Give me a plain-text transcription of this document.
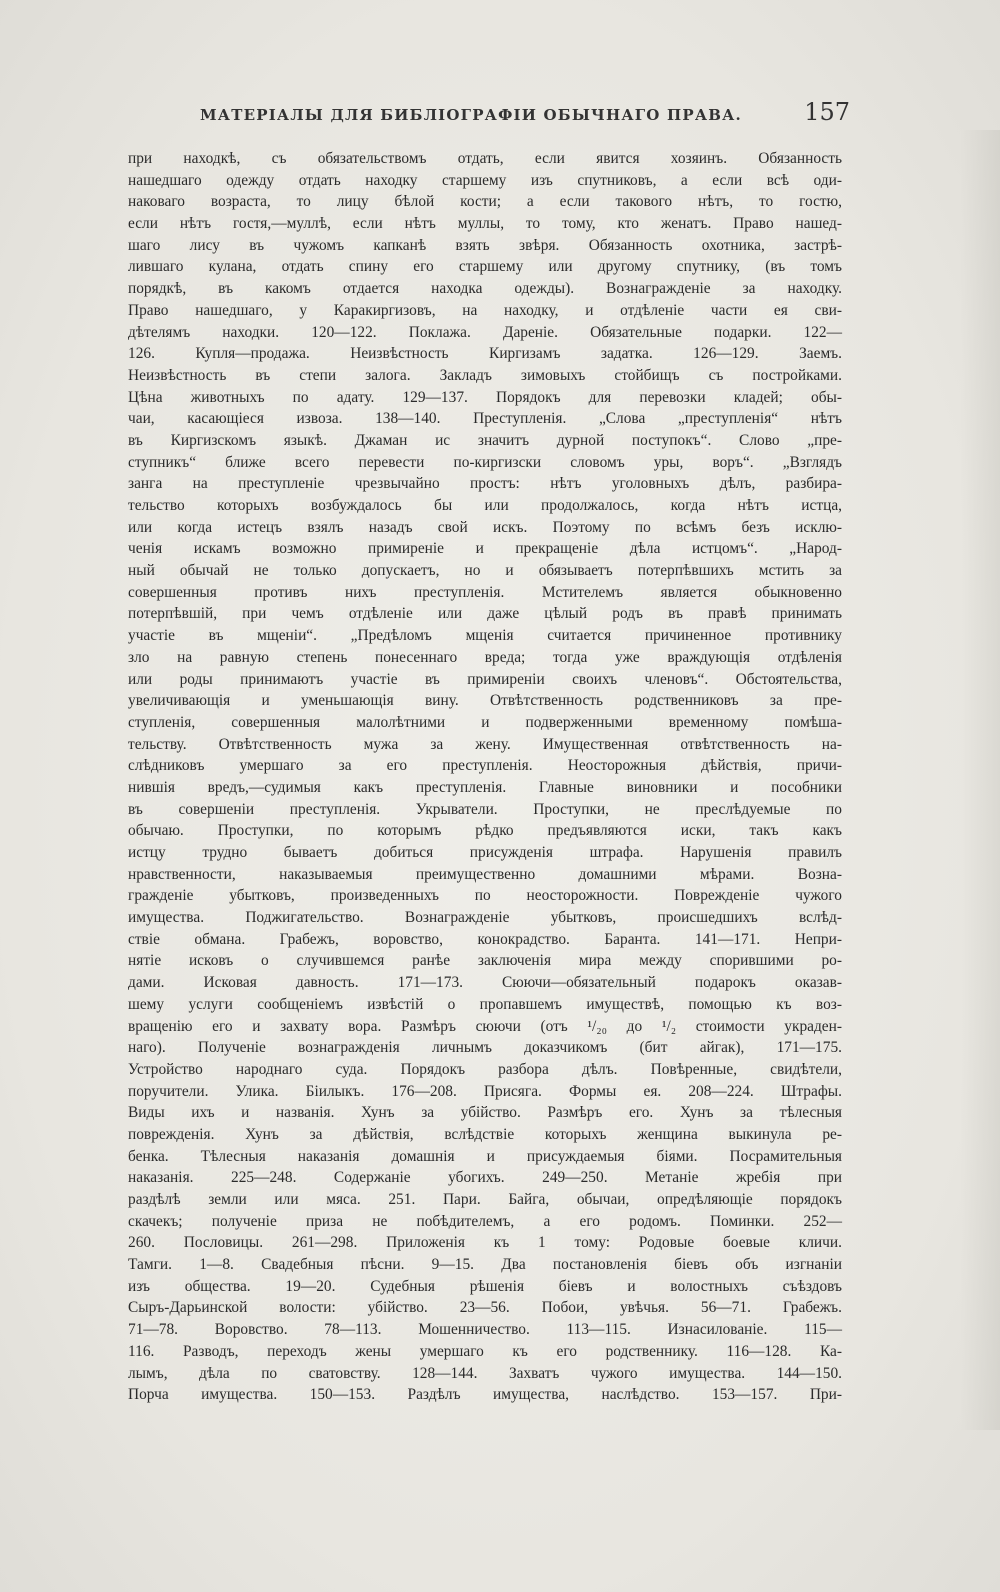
МАТЕРІАЛЫ ДЛЯ БИБЛІОГРАФІИ ОБЫЧНАГО ПРАВА.	157
при находкѣ, съ обязательствомъ отдать, если явится хозяинъ. Обязанность
нашедшаго одежду отдать находку старшему изъ спутниковъ, а если всѣ оди-
наковаго возраста, то лицу бѣлой кости; а если такового нѣтъ, то гостю,
если нѣтъ гостя,—муллѣ, если нѣтъ муллы, то тому, кто женатъ. Право нашед-
шаго лису въ чужомъ капканѣ взять звѣря. Обязанность охотника, застрѣ-
лившаго кулана, отдать спину его старшему или другому спутнику, (въ томъ
порядкѣ, въ какомъ отдается находка одежды). Вознагражденіе за находку.
Право нашедшаго, у Каракиргизовъ, на находку, и отдѣленіе части ея сви-
дѣтелямъ находки. 120—122. Поклажа. Дареніе. Обязательные подарки. 122—
126. Купля—продажа. Неизвѣстность Киргизамъ задатка. 126—129. Заемъ.
Неизвѣстность въ степи залога. Закладъ зимовыхъ стойбищъ съ постройками.
Цѣна животныхъ по адату. 129—137. Порядокъ для перевозки кладей; обы-
чаи, касающіеся извоза. 138—140. Преступленія. „Слова „преступленія“ нѣтъ
въ Киргизскомъ языкѣ. Джаман ис значитъ дурной поступокъ“. Слово „пре-
ступникъ“ ближе всего перевести по-киргизски словомъ уры, воръ“. „Взглядъ
занга на преступленіе чрезвычайно простъ: нѣтъ уголовныхъ дѣлъ, разбира-
тельство которыхъ возбуждалось бы или продолжалось, когда нѣтъ истца,
или когда истецъ взялъ назадъ свой искъ. Поэтому по всѣмъ безъ исклю-
ченія искамъ возможно примиреніе и прекращеніе дѣла истцомъ“. „Народ-
ный обычай не только допускаетъ, но и обязываетъ потерпѣвшихъ мстить за
совершенныя противъ нихъ преступленія. Мстителемъ является обыкновенно
потерпѣвшій, при чемъ отдѣленіе или даже цѣлый родъ въ правѣ принимать
участіе въ мщеніи“. „Предѣломъ мщенія считается причиненное противнику
зло на равную степень понесеннаго вреда; тогда уже враждующія отдѣленія
или роды принимаютъ участіе въ примиреніи своихъ членовъ“. Обстоятельства,
увеличивающія и уменьшающія вину. Отвѣтственность родственниковъ за пре-
ступленія, совершенныя малолѣтними и подверженными временному помѣша-
тельству. Отвѣтственность мужа за жену. Имущественная отвѣтственность на-
слѣдниковъ умершаго за его преступленія. Неосторожныя дѣйствія, причи-
нившія вредъ,—судимыя какъ преступленія. Главные виновники и пособники
въ совершеніи преступленія. Укрыватели. Проступки, не преслѣдуемые по
обычаю. Проступки, по которымъ рѣдко предъявляются иски, такъ какъ
истцу трудно бываетъ добиться присужденія штрафа. Нарушенія правилъ
нравственности, наказываемыя преимущественно домашними мѣрами. Возна-
гражденіе убытковъ, произведенныхъ по неосторожности. Поврежденіе чужого
имущества. Поджигательство. Вознагражденіе убытковъ, происшедшихъ вслѣд-
ствіе обмана. Грабежъ, воровство, конокрадство. Баранта. 141—171. Непри-
нятіе исковъ о случившемся ранѣе заключенія мира между спорившими ро-
дами. Исковая давность. 171—173. Сюючи—обязательный подарокъ оказав-
шему услуги сообщеніемъ извѣстій о пропавшемъ имуществѣ, помощью къ воз-
вращенію его и захвату вора. Размѣръ сюючи (отъ ¹/₂₀ до ¹/₂ стоимости украден-
наго). Полученіе вознагражденія личнымъ доказчикомъ (бит айгак), 171—175.
Устройство народнаго суда. Порядокъ разбора дѣлъ. Повѣренные, свидѣтели,
поручители. Улика. Біилыкъ. 176—208. Присяга. Формы ея. 208—224. Штрафы.
Виды ихъ и названія. Хунъ за убійство. Размѣръ его. Хунъ за тѣлесныя
поврежденія. Хунъ за дѣйствія, вслѣдствіе которыхъ женщина выкинула ре-
бенка. Тѣлесныя наказанія домашнія и присуждаемыя біями. Посрамительныя
наказанія. 225—248. Содержаніе убогихъ. 249—250. Метаніе жребія при
раздѣлѣ земли или мяса. 251. Пари. Байга, обычаи, опредѣляющіе порядокъ
скачекъ; полученіе приза не побѣдителемъ, а его родомъ. Поминки. 252—
260. Пословицы. 261—298. Приложенія къ 1 тому: Родовые боевые кличи.
Тамги. 1—8. Свадебныя пѣсни. 9—15. Два постановленія біевъ объ изгнаніи
изъ общества. 19—20. Судебныя рѣшенія біевъ и волостныхъ съѣздовъ
Сыръ-Дарьинской волости: убійство. 23—56. Побои, увѣчья. 56—71. Грабежъ.
71—78. Воровство. 78—113. Мошенничество. 113—115. Изнасилованіе. 115—
116. Разводъ, переходъ жены умершаго къ его родственнику. 116—128. Ка-
лымъ, дѣла по сватовству. 128—144. Захватъ чужого имущества. 144—150.
Порча имущества. 150—153. Раздѣлъ имущества, наслѣдство. 153—157. При-
